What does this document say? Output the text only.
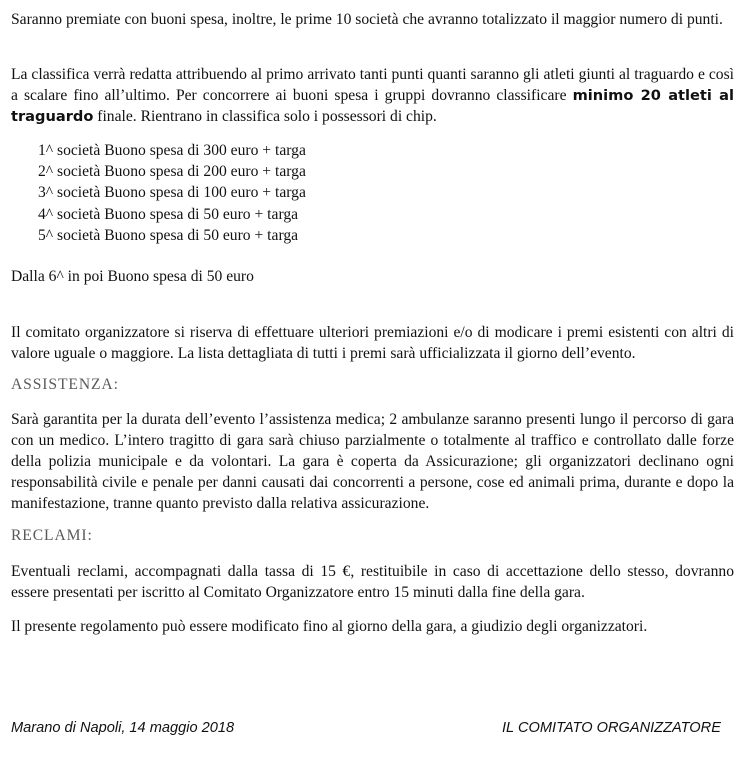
Saranno premiate con buoni spesa, inoltre, le prime 10 società che avranno totalizzato il maggior numero di punti.

La classifica verrà redatta attribuendo al primo arrivato tanti punti quanti saranno gli atleti giunti al traguardo e così a scalare fino all’ultimo. Per concorrere ai buoni spesa i gruppi dovranno classificare minimo 20 atleti al traguardo finale. Rientrano in classifica solo i possessori di chip.

1^ società Buono spesa di 300 euro + targa
2^ società Buono spesa di 200 euro + targa
3^ società Buono spesa di 100 euro + targa
4^ società Buono spesa di 50 euro + targa
5^ società Buono spesa di 50 euro + targa

Dalla 6^ in poi Buono spesa di 50 euro

Il comitato organizzatore si riserva di effettuare ulteriori premiazioni e/o di modicare i premi esistenti con altri di valore uguale o maggiore. La lista dettagliata di tutti i premi sarà ufficializzata il giorno dell’evento.

ASSISTENZA:

Sarà garantita per la durata dell’evento l’assistenza medica; 2 ambulanze saranno presenti lungo il percorso di gara con un medico. L’intero tragitto di gara sarà chiuso parzialmente o totalmente al traffico e controllato dalle forze della polizia municipale e da volontari. La gara è coperta da Assicurazione; gli organizzatori declinano ogni responsabilità civile e penale per danni causati dai concorrenti a persone, cose ed animali prima, durante e dopo la manifestazione, tranne quanto previsto dalla relativa assicurazione.

RECLAMI:

Eventuali reclami, accompagnati dalla tassa di 15 €, restituibile in caso di accettazione dello stesso, dovranno essere presentati per iscritto al Comitato Organizzatore entro 15 minuti dalla fine della gara.

Il presente regolamento può essere modificato fino al giorno della gara, a giudizio degli organizzatori.

Marano di Napoli, 14 maggio 2018	IL COMITATO ORGANIZZATORE
